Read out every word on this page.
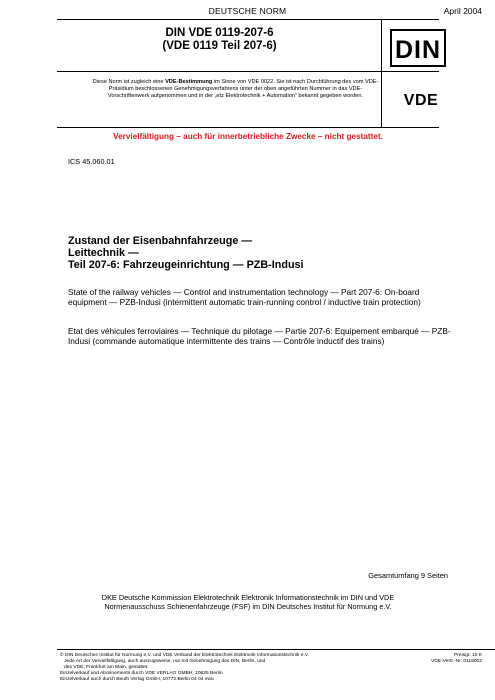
DEUTSCHE NORM	April 2004
DIN VDE 0119-207-6
(VDE 0119 Teil 207-6)	DIN
Diese Norm ist zugleich eine VDE-Bestimmung im Sinne von VDE 0022. Sie ist nach Durchführung des vom VDE-Präsidium beschlossenen Genehmigungsverfahrens unter der oben angeführten Nummer in das VDE-Vorschriftenwerk aufgenommen und in der „etz Elektrotechnik + Automation“ bekannt gegeben worden.	VDE
Vervielfältigung – auch für innerbetriebliche Zwecke – nicht gestattet.
ICS 45.060.01
Zustand der Eisenbahnfahrzeuge —
Leittechnik —
Teil 207-6: Fahrzeugeinrichtung — PZB-Indusi
State of the railway vehicles — Control and instrumentation technology — Part 207-6: On-board equipment — PZB-Indusi (intermittent automatic train-running control / inductive train protection)
Etat des véhicules ferroviaires — Technique du pilotage — Partie 207-6: Equipement embarqué — PZB-Indusi (commande automatique intermittente des trains — Contrôle inductif des trains)
Gesamtumfang 9 Seiten
DKE Deutsche Kommission Elektrotechnik Elektronik Informationstechnik im DIN und VDE
Normenausschuss Schienenfahrzeuge (FSF) im DIN Deutsches Institut für Normung e.V.
© DIN Deutsches Institut für Normung e.V. und VDE Verband der Elektrotechnik Elektronik Informationstechnik e.V.
Jede Art der Vervielfältigung, auch auszugsweise, nur mit Genehmigung des DIN, Berlin, und
des VDE, Frankfurt am Main, gestattet.
Einzelverkauf und Abonnements durch VDE VERLAG GMBH, 10625 Berlin
Einzelverkauf auch durch Beuth Verlag GmbH, 10772 Berlin 04 04 vwu
Preisgr. 10 K
VDE-Vertr.-Nr. 0119002
